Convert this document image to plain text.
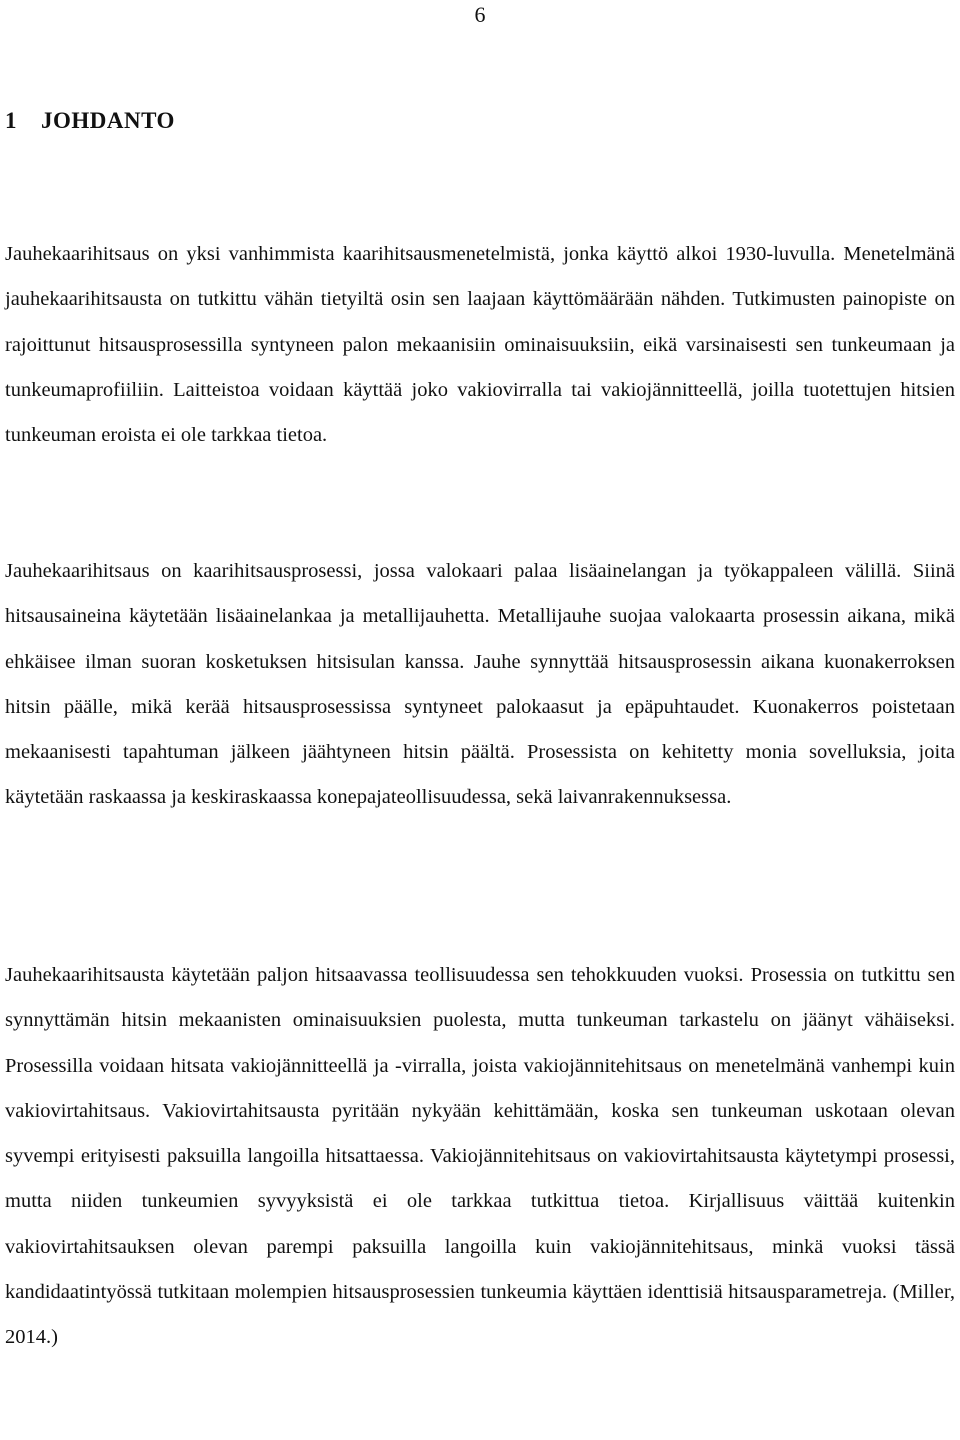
6
1 JOHDANTO

Jauhekaarihitsaus on yksi vanhimmista kaarihitsausmenetelmistä, jonka käyttö alkoi 1930-luvulla. Menetelmänä jauhekaarihitsausta on tutkittu vähän tietyiltä osin sen laajaan käyttömäärään nähden. Tutkimusten painopiste on rajoittunut hitsausprosessilla syntyneen palon mekaanisiin ominaisuuksiin, eikä varsinaisesti sen tunkeumaan ja tunkeumaprofiiliin. Laitteistoa voidaan käyttää joko vakiovirralla tai vakiojännitteellä, joilla tuotettujen hitsien tunkeuman eroista ei ole tarkkaa tietoa.

Jauhekaarihitsaus on kaarihitsausprosessi, jossa valokaari palaa lisäainelangan ja työkappaleen välillä. Siinä hitsausaineina käytetään lisäainelankaa ja metallijauhetta. Metallijauhe suojaa valokaarta prosessin aikana, mikä ehkäisee ilman suoran kosketuksen hitsisulan kanssa. Jauhe synnyttää hitsausprosessin aikana kuonakerroksen hitsin päälle, mikä kerää hitsausprosessissa syntyneet palokaasut ja epäpuhtaudet. Kuonakerros poistetaan mekaanisesti tapahtuman jälkeen jäähtyneen hitsin päältä. Prosessista on kehitetty monia sovelluksia, joita käytetään raskaassa ja keskiraskaassa konepajateollisuudessa, sekä laivanrakennuksessa.

Jauhekaarihitsausta käytetään paljon hitsaavassa teollisuudessa sen tehokkuuden vuoksi. Prosessia on tutkittu sen synnyttämän hitsin mekaanisten ominaisuuksien puolesta, mutta tunkeuman tarkastelu on jäänyt vähäiseksi. Prosessilla voidaan hitsata vakiojännitteellä ja -virralla, joista vakiojännitehitsaus on menetelmänä vanhempi kuin vakiovirtahitsaus. Vakiovirtahitsausta pyritään nykyään kehittämään, koska sen tunkeuman uskotaan olevan syvempi erityisesti paksuilla langoilla hitsattaessa. Vakiojännitehitsaus on vakiovirtahitsausta käytetympi prosessi, mutta niiden tunkeumien syvyyksistä ei ole tarkkaa tutkittua tietoa. Kirjallisuus väittää kuitenkin vakiovirtahitsauksen olevan parempi paksuilla langoilla kuin vakiojännitehitsaus, minkä vuoksi tässä kandidaatintyössä tutkitaan molempien hitsausprosessien tunkeumia käyttäen identtisiä hitsausparametreja. (Miller, 2014.)
